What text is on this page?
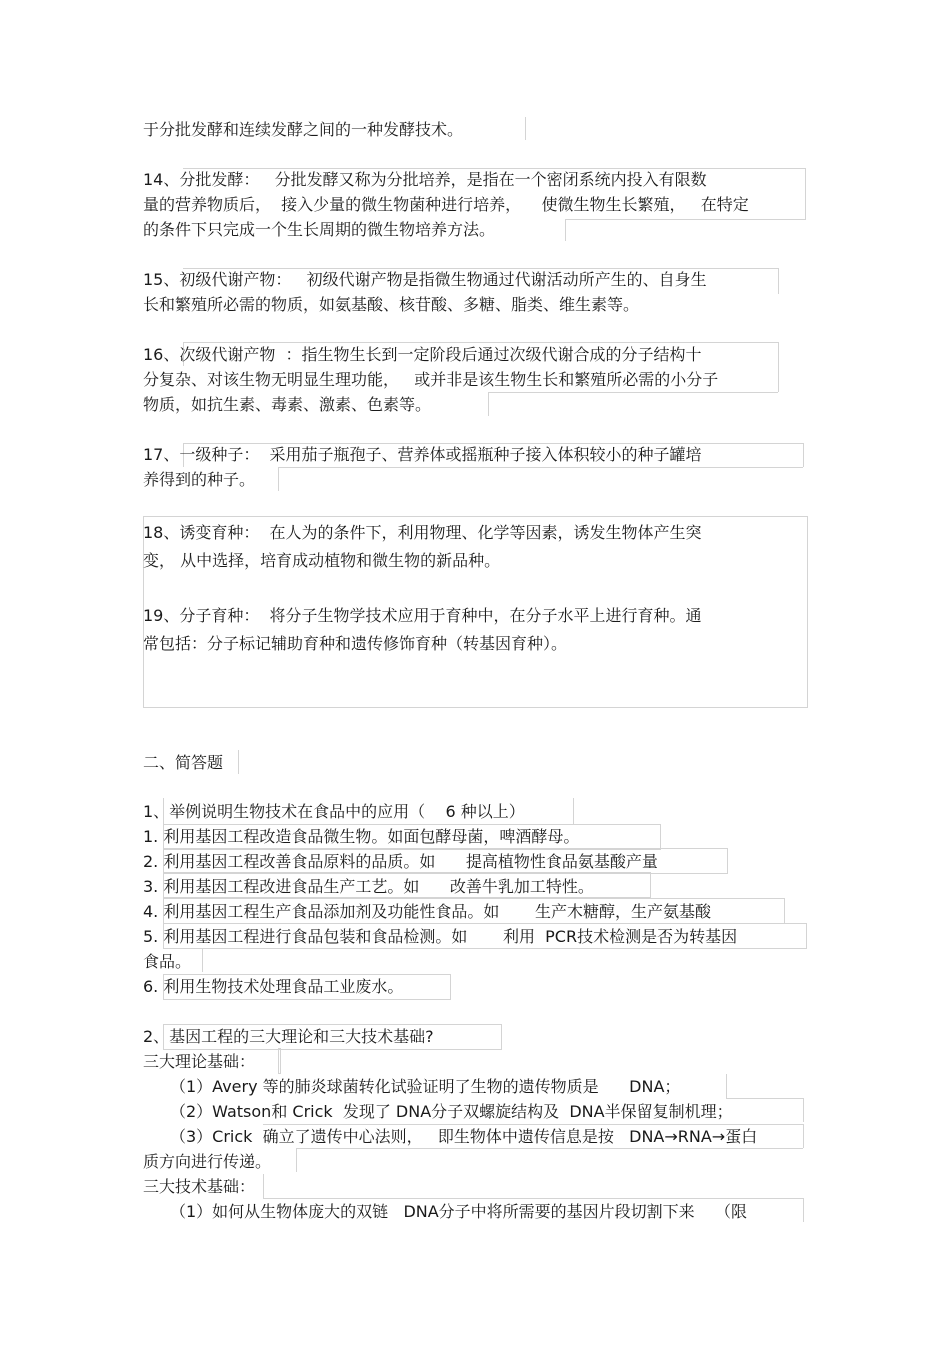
于分批发酵和连续发酵之间的一种发酵技术。
14、分批发酵：   分批发酵又称为分批培养，是指在一个密闭系统内投入有限数
量的营养物质后，  接入少量的微生物菌种进行培养，    使微生物生长繁殖，   在特定
的条件下只完成一个生长周期的微生物培养方法。
15、初级代谢产物：   初级代谢产物是指微生物通过代谢活动所产生的、自身生
长和繁殖所必需的物质，如氨基酸、核苷酸、多糖、脂类、维生素等。
16、次级代谢产物  ：指生物生长到一定阶段后通过次级代谢合成的分子结构十
分复杂、对该生物无明显生理功能，   或并非是该生物生长和繁殖所必需的小分子
物质，如抗生素、毒素、激素、色素等。
17、一级种子：  采用茄子瓶孢子、营养体或摇瓶种子接入体积较小的种子罐培
养得到的种子。
18、诱变育种：  在人为的条件下，利用物理、化学等因素，诱发生物体产生突
变， 从中选择，培育成动植物和微生物的新品种。
19、分子育种：  将分子生物学技术应用于育种中，在分子水平上进行育种。通
常包括：分子标记辅助育种和遗传修饰育种（转基因育种）。
二、简答题
1、举例说明生物技术在食品中的应用（    6 种以上）
1. 利用基因工程改造食品微生物。如面包酵母菌，啤酒酵母。
2. 利用基因工程改善食品原料的品质。如      提高植物性食品氨基酸产量
3. 利用基因工程改进食品生产工艺。如      改善牛乳加工特性。
4. 利用基因工程生产食品添加剂及功能性食品。如       生产木糖醇，生产氨基酸
5. 利用基因工程进行食品包装和食品检测。如       利用  PCR技术检测是否为转基因
食品。
6. 利用生物技术处理食品工业废水。
2、基因工程的三大理论和三大技术基础?
三大理论基础：
（1）Avery 等的肺炎球菌转化试验证明了生物的遗传物质是      DNA；
（2）Watson和 Crick  发现了 DNA分子双螺旋结构及  DNA半保留复制机理；
（3）Crick  确立了遗传中心法则，   即生物体中遗传信息是按   DNA→RNA→蛋白
质方向进行传递。
三大技术基础：
（1）如何从生物体庞大的双链   DNA分子中将所需要的基因片段切割下来    （限
